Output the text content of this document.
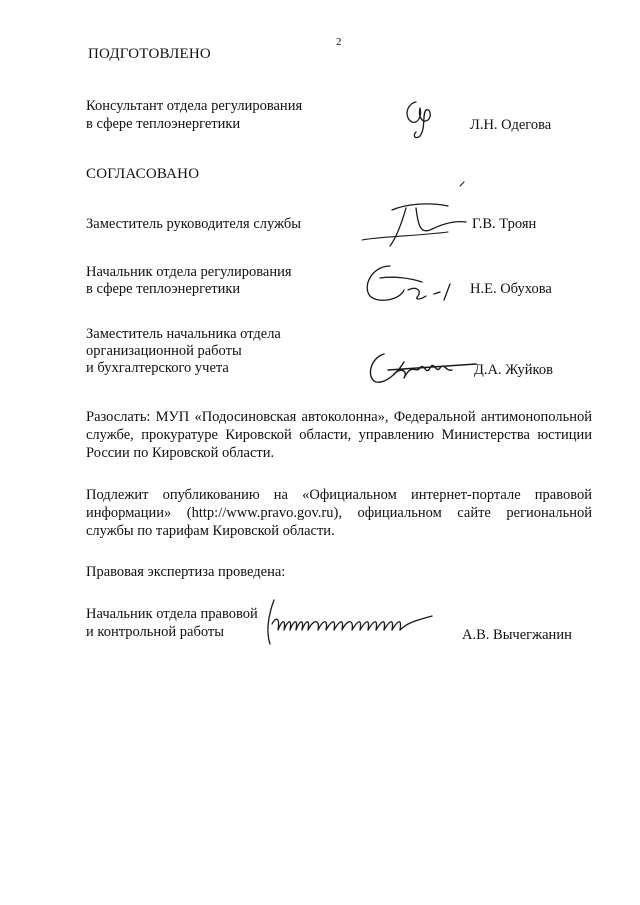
2
ПОДГОТОВЛЕНО
Консультант отдела регулирования
в сфере теплоэнергетики	Л.Н. Одегова
СОГЛАСОВАНО
Заместитель руководителя службы	Г.В. Троян
Начальник отдела регулирования
в сфере теплоэнергетики	Н.Е. Обухова
Заместитель начальника отдела
организационной работы
и бухгалтерского учета	Д.А. Жуйков
Разослать: МУП «Подосиновская автоколонна», Федеральной антимонопольной службе, прокуратуре Кировской области, управлению Министерства юстиции России по Кировской области.
Подлежит опубликованию на «Официальном интернет-портале правовой информации» (http://www.pravo.gov.ru), официальном сайте региональной службы по тарифам Кировской области.
Правовая экспертиза проведена:
Начальник отдела правовой
и контрольной работы	А.В. Вычегжанин
